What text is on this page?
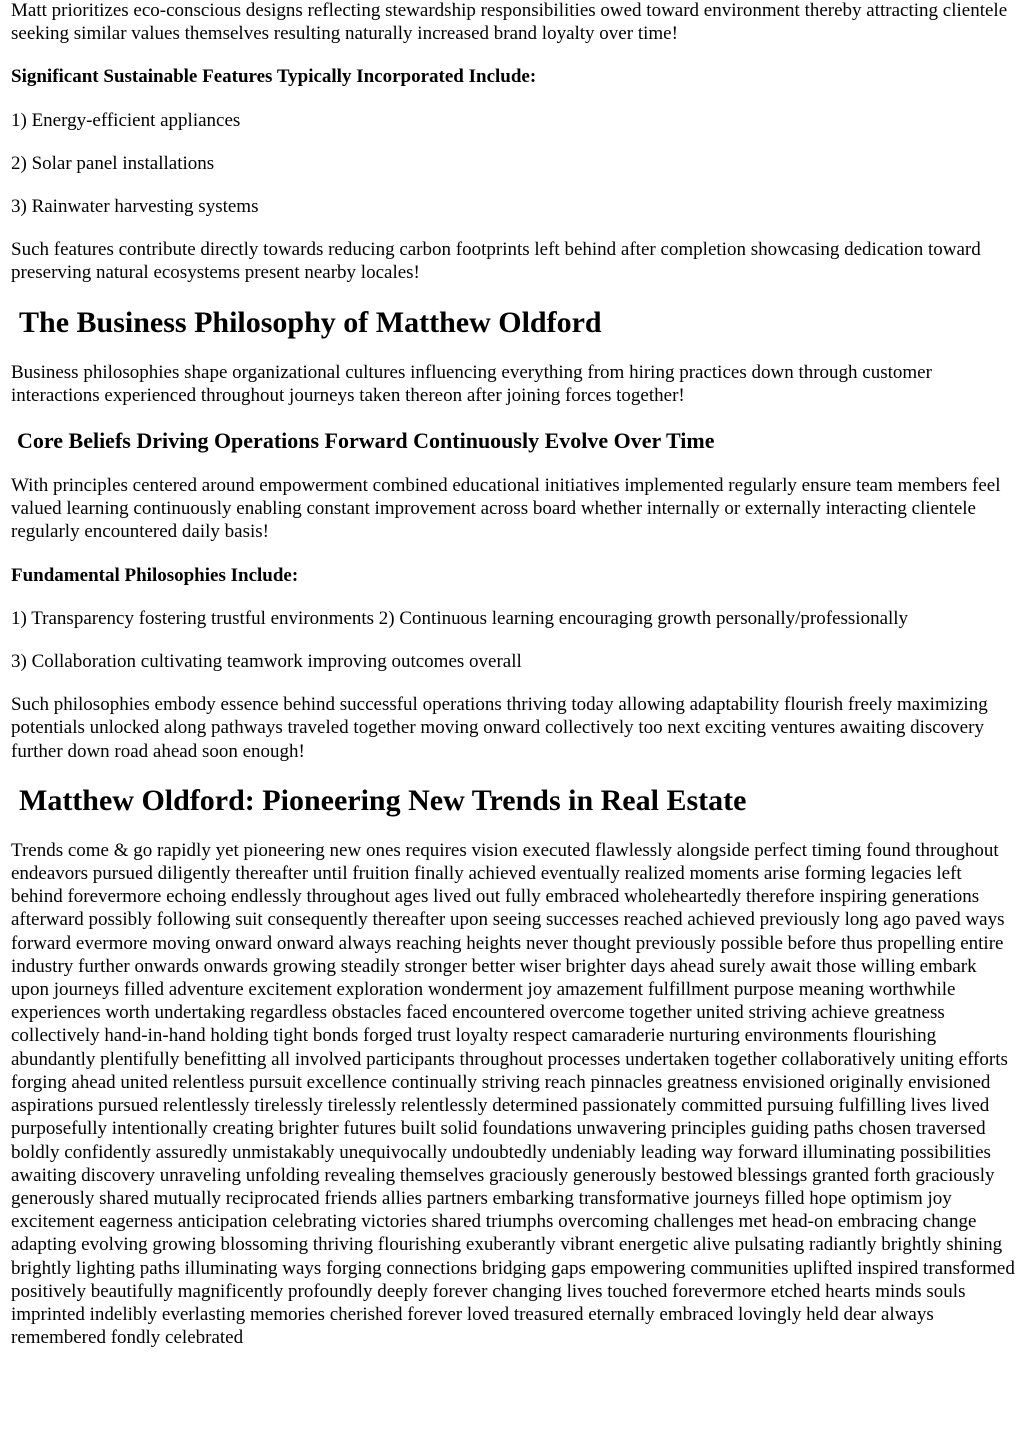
Matt prioritizes eco-conscious designs reflecting stewardship responsibilities owed toward environment thereby attracting clientele seeking similar values themselves resulting naturally increased brand loyalty over time!

Significant Sustainable Features Typically Incorporated Include:

1) Energy-efficient appliances

2) Solar panel installations

3) Rainwater harvesting systems

Such features contribute directly towards reducing carbon footprints left behind after completion showcasing dedication toward preserving natural ecosystems present nearby locales!

The Business Philosophy of Matthew Oldford

Business philosophies shape organizational cultures influencing everything from hiring practices down through customer interactions experienced throughout journeys taken thereon after joining forces together!

Core Beliefs Driving Operations Forward Continuously Evolve Over Time

With principles centered around empowerment combined educational initiatives implemented regularly ensure team members feel valued learning continuously enabling constant improvement across board whether internally or externally interacting clientele regularly encountered daily basis!

Fundamental Philosophies Include:

1) Transparency fostering trustful environments 2) Continuous learning encouraging growth personally/professionally

3) Collaboration cultivating teamwork improving outcomes overall

Such philosophies embody essence behind successful operations thriving today allowing adaptability flourish freely maximizing potentials unlocked along pathways traveled together moving onward collectively too next exciting ventures awaiting discovery further down road ahead soon enough!

Matthew Oldford: Pioneering New Trends in Real Estate

Trends come & go rapidly yet pioneering new ones requires vision executed flawlessly alongside perfect timing found throughout endeavors pursued diligently thereafter until fruition finally achieved eventually realized moments arise forming legacies left behind forevermore echoing endlessly throughout ages lived out fully embraced wholeheartedly therefore inspiring generations afterward possibly following suit consequently thereafter upon seeing successes reached achieved previously long ago paved ways forward evermore moving onward onward always reaching heights never thought previously possible before thus propelling entire industry further onwards onwards growing steadily stronger better wiser brighter days ahead surely await those willing embark upon journeys filled adventure excitement exploration wonderment joy amazement fulfillment purpose meaning worthwhile experiences worth undertaking regardless obstacles faced encountered overcome together united striving achieve greatness collectively hand-in-hand holding tight bonds forged trust loyalty respect camaraderie nurturing environments flourishing abundantly plentifully benefitting all involved participants throughout processes undertaken together collaboratively uniting efforts forging ahead united relentless pursuit excellence continually striving reach pinnacles greatness envisioned originally envisioned aspirations pursued relentlessly tirelessly tirelessly relentlessly determined passionately committed pursuing fulfilling lives lived purposefully intentionally creating brighter futures built solid foundations unwavering principles guiding paths chosen traversed boldly confidently assuredly unmistakably unequivocally undoubtedly undeniably leading way forward illuminating possibilities awaiting discovery unraveling unfolding revealing themselves graciously generously bestowed blessings granted forth graciously generously shared mutually reciprocated friends allies partners embarking transformative journeys filled hope optimism joy excitement eagerness anticipation celebrating victories shared triumphs overcoming challenges met head-on embracing change adapting evolving growing blossoming thriving flourishing exuberantly vibrant energetic alive pulsating radiantly brightly shining brightly lighting paths illuminating ways forging connections bridging gaps empowering communities uplifted inspired transformed positively beautifully magnificently profoundly deeply forever changing lives touched forevermore etched hearts minds souls imprinted indelibly everlasting memories cherished forever loved treasured eternally embraced lovingly held dear always remembered fondly celebrated
